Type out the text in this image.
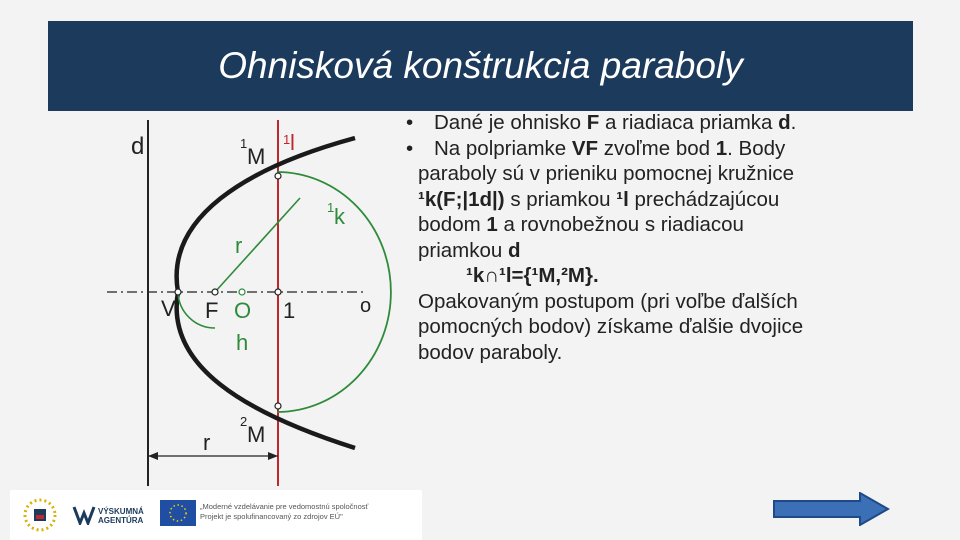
Ohnisková konštrukcia paraboly
d	1
M
1 l
1 k
r
V F O 1	o
h
r
2
M
• Dané je ohnisko F a riadiaca priamka d.
• Na polpriamke VF zvoľme bod 1. Body
paraboly sú v prieniku pomocnej kružnice
¹k(F;|1d|) s priamkou ¹l prechádzajúcou
bodom 1 a rovnobežnou s riadiacou
priamkou d
¹k∩¹l={¹M,²M}.
Opakovaným postupom (pri voľbe ďalších
pomocných bodov) získame ďalšie dvojice
bodov paraboly.
VÝSKUMNÁ AGENTÚRA
„Moderné vzdelávanie pre vedomostnú spoločnosť
Projekt je spolufinancovaný zo zdrojov EÚ"
